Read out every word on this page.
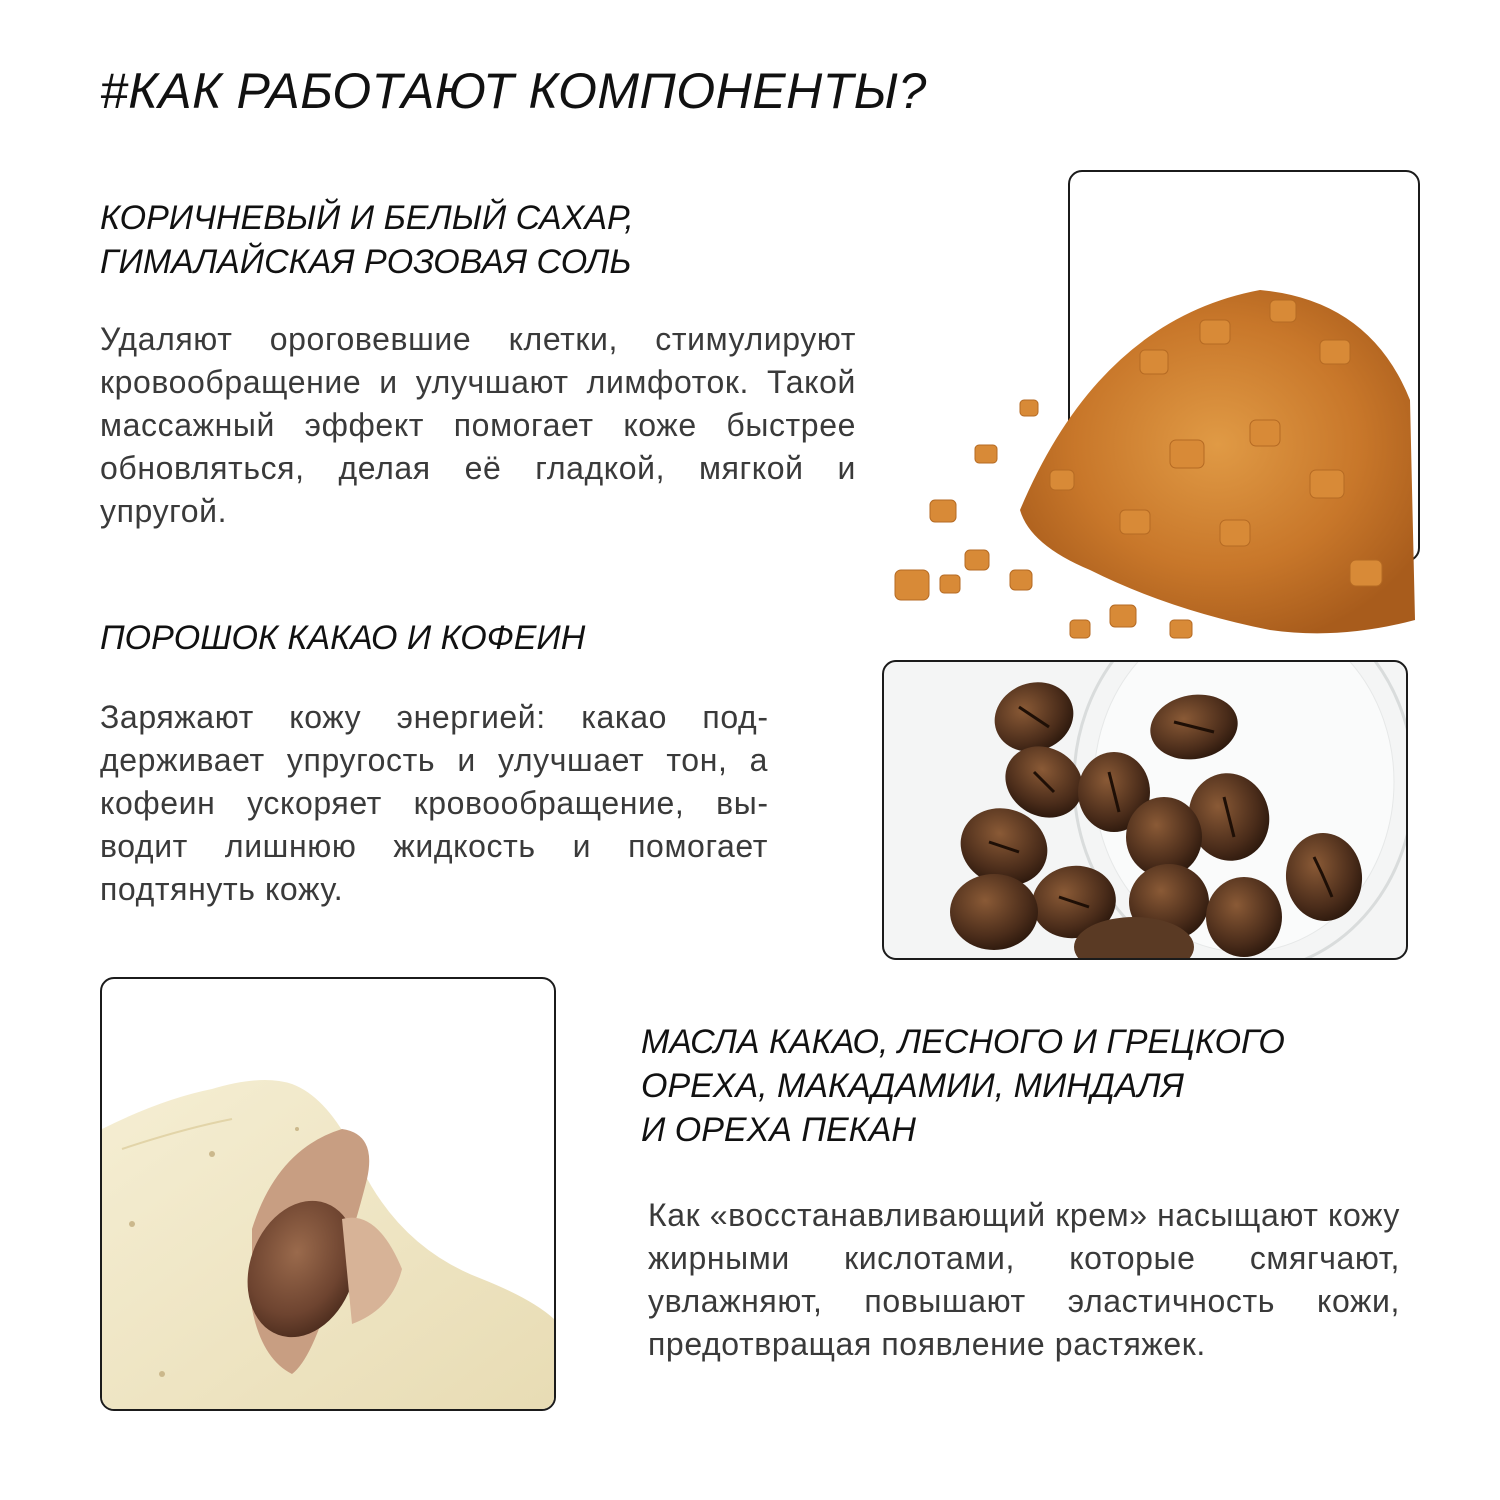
#КАК РАБОТАЮТ КОМПОНЕНТЫ?
КОРИЧНЕВЫЙ И БЕЛЫЙ САХАР,
ГИМАЛАЙСКАЯ РОЗОВАЯ СОЛЬ

Удаляют ороговевшие клетки, стимулируют кровообращение и улучшают лимфоток. Такой массажный эффект помогает коже быстрее обновляться, делая её гладкой, мягкой и упругой.

ПОРОШОК КАКАО И КОФЕИН

Заряжают кожу энергией: какао поддерживает упругость и улучшает тон, а кофеин ускоряет кровообращение, выводит лишнюю жидкость и помогает подтянуть кожу.

МАСЛА КАКАО, ЛЕСНОГО И ГРЕЦКОГО
ОРЕХА, МАКАДАМИИ, МИНДАЛЯ
И ОРЕХА ПЕКАН

Как «восстанавливающий крем» насыщают кожу жирными кислотами, которые смягчают, увлажняют, повышают эластичность кожи, предотвращая появление растяжек.
